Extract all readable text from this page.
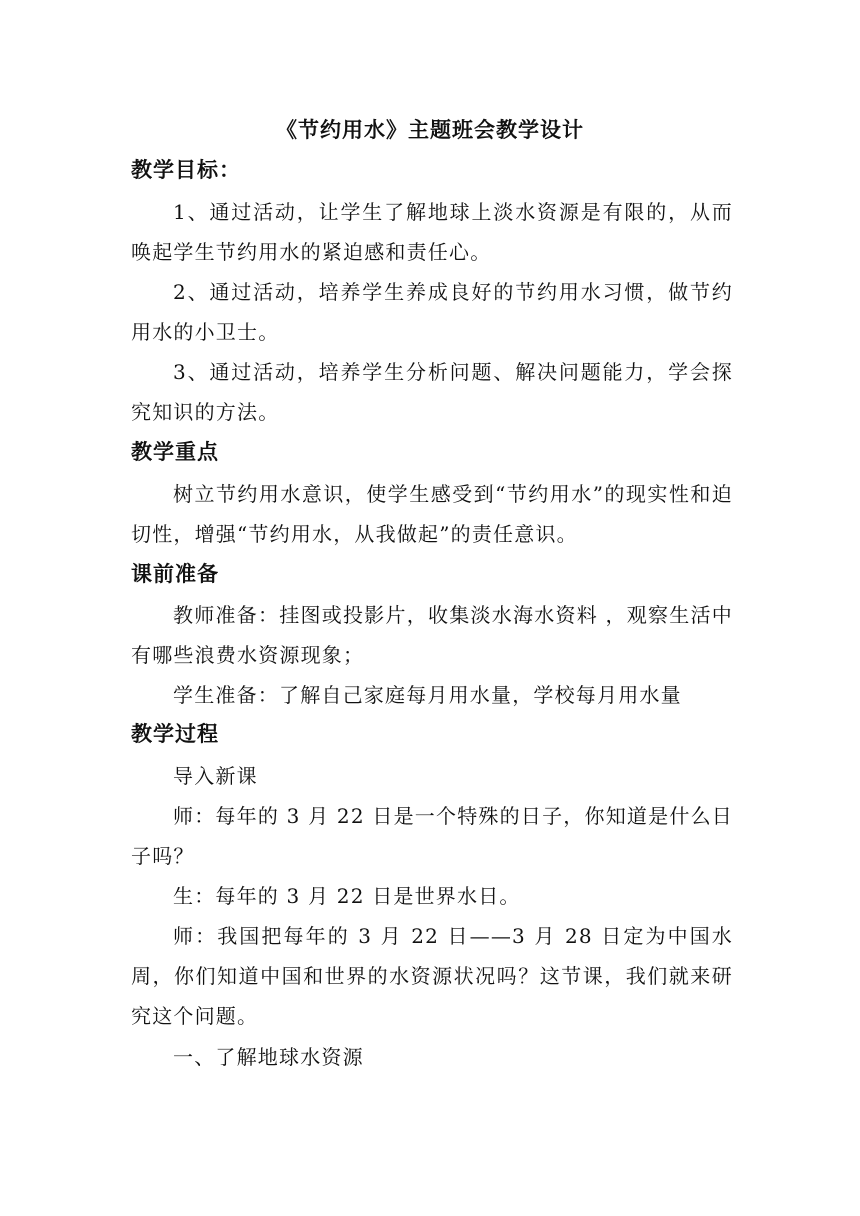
《节约用水》主题班会教学设计
教学目标：
1、通过活动，让学生了解地球上淡水资源是有限的，从而唤起学生节约用水的紧迫感和责任心。
2、通过活动，培养学生养成良好的节约用水习惯，做节约用水的小卫士。
3、通过活动，培养学生分析问题、解决问题能力，学会探究知识的方法。
教学重点
树立节约用水意识，使学生感受到“节约用水”的现实性和迫切性，增强“节约用水，从我做起”的责任意识。
课前准备
教师准备：挂图或投影片，收集淡水海水资料 ，观察生活中有哪些浪费水资源现象；
学生准备：了解自己家庭每月用水量，学校每月用水量
教学过程
导入新课
师：每年的 3 月 22 日是一个特殊的日子，你知道是什么日子吗？
生：每年的 3 月 22 日是世界水日。
师：我国把每年的 3 月 22 日——3 月 28 日定为中国水周，你们知道中国和世界的水资源状况吗？这节课，我们就来研究这个问题。
一、了解地球水资源
